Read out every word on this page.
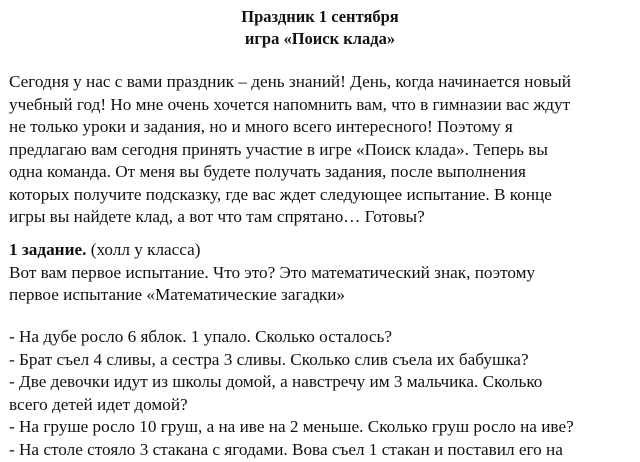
Праздник 1 сентября
игра «Поиск клада»
Сегодня у нас с вами праздник – день знаний! День, когда начинается новый
учебный год! Но мне очень хочется напомнить вам, что в гимназии вас ждут
не только уроки и задания, но и много всего интересного! Поэтому я
предлагаю вам сегодня принять участие в игре «Поиск клада». Теперь вы
одна команда. От меня вы будете получать задания, после выполнения
которых получите подсказку, где вас ждет следующее испытание. В конце
игры вы найдете клад, а вот что там спрятано… Готовы?
1 задание. (холл у класса)
Вот вам первое испытание. Что это? Это математический знак, поэтому
первое испытание «Математические загадки»
- На дубе росло 6 яблок. 1 упало. Сколько осталось?
- Брат съел 4 сливы, а сестра 3 сливы. Сколько слив съела их бабушка?
- Две девочки идут из школы домой, а навстречу им 3 мальчика. Сколько
всего детей идет домой?
- На груше росло 10 груш, а на иве на 2 меньше. Сколько груш росло на иве?
- На столе стояло 3 стакана с ягодами. Вова съел 1 стакан и поставил его на
